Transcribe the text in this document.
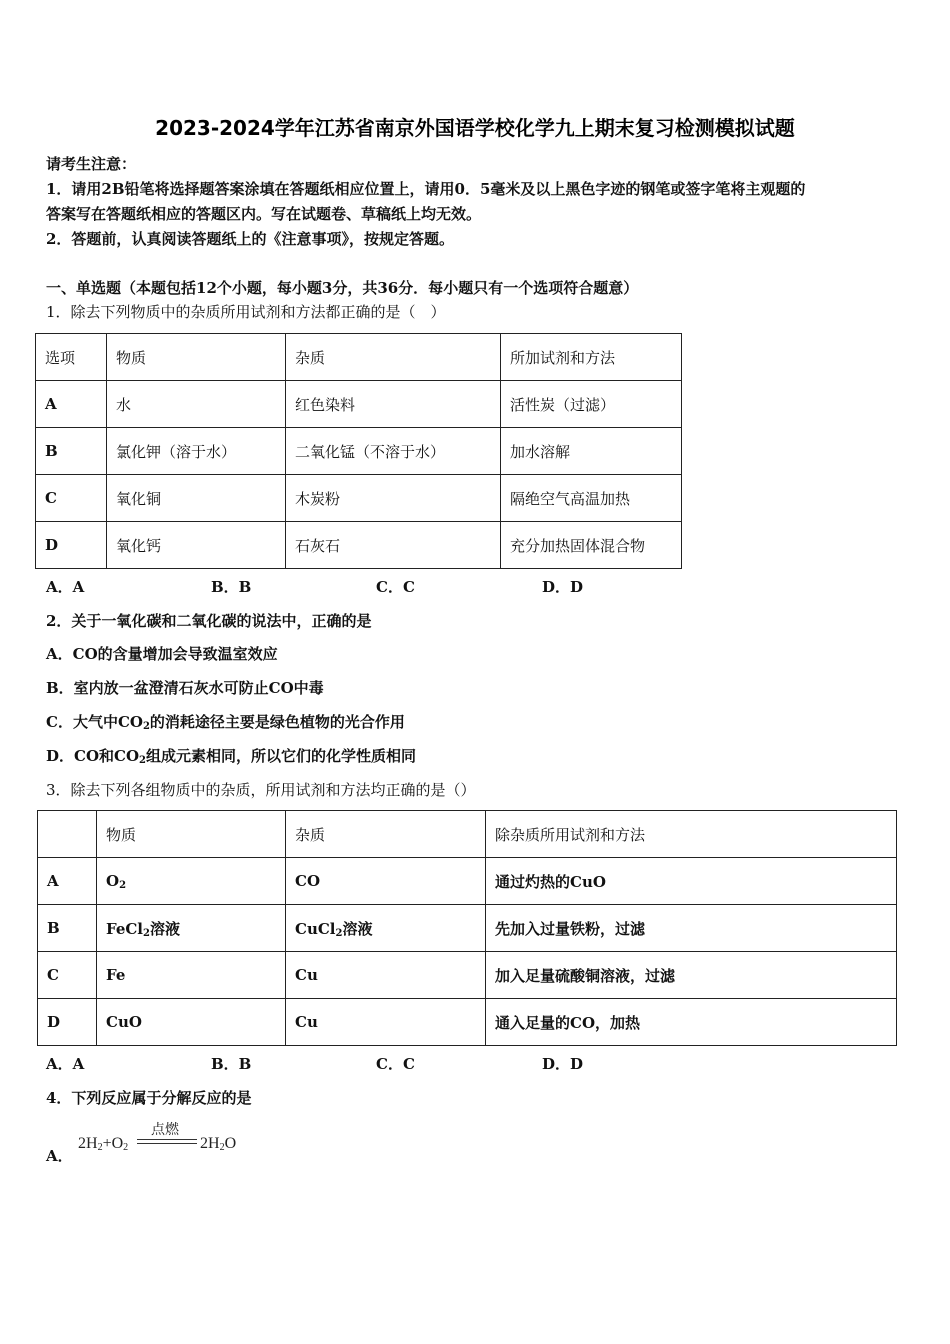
2023-2024学年江苏省南京外国语学校化学九上期末复习检测模拟试题
请考生注意：
1．请用2B铅笔将选择题答案涂填在答题纸相应位置上，请用0．5毫米及以上黑色字迹的钢笔或签字笔将主观题的
答案写在答题纸相应的答题区内。写在试题卷、草稿纸上均无效。
2．答题前，认真阅读答题纸上的《注意事项》，按规定答题。
一、单选题（本题包括12个小题，每小题3分，共36分．每小题只有一个选项符合题意）
1．除去下列物质中的杂质所用试剂和方法都正确的是（　）
选项	物质	杂质	所加试剂和方法
A	水	红色染料	活性炭（过滤）
B	氯化钾（溶于水）	二氧化锰（不溶于水）	加水溶解
C	氧化铜	木炭粉	隔绝空气高温加热
D	氧化钙	石灰石	充分加热固体混合物
A．A	B．B	C．C	D．D
2．关于一氧化碳和二氧化碳的说法中，正确的是
A．CO的含量增加会导致温室效应
B．室内放一盆澄清石灰水可防止CO中毒
C．大气中$CO_2$的消耗途径主要是绿色植物的光合作用
D．CO和$CO_2$组成元素相同，所以它们的化学性质相同
3．除去下列各组物质中的杂质，所用试剂和方法均正确的是（）
	物质	杂质	除杂质所用试剂和方法
A	$O_2$	CO	通过灼热的CuO
B	FeCl$_2$溶液	CuCl$_2$溶液	先加入过量铁粉，过滤
C	Fe	Cu	加入足量硫酸铜溶液，过滤
D	CuO	Cu	通入足量的CO，加热
A．A	B．B	C．C	D．D
4．下列反应属于分解反应的是
A．
$2H_2+O_2$
点燃
$2H_2O$
